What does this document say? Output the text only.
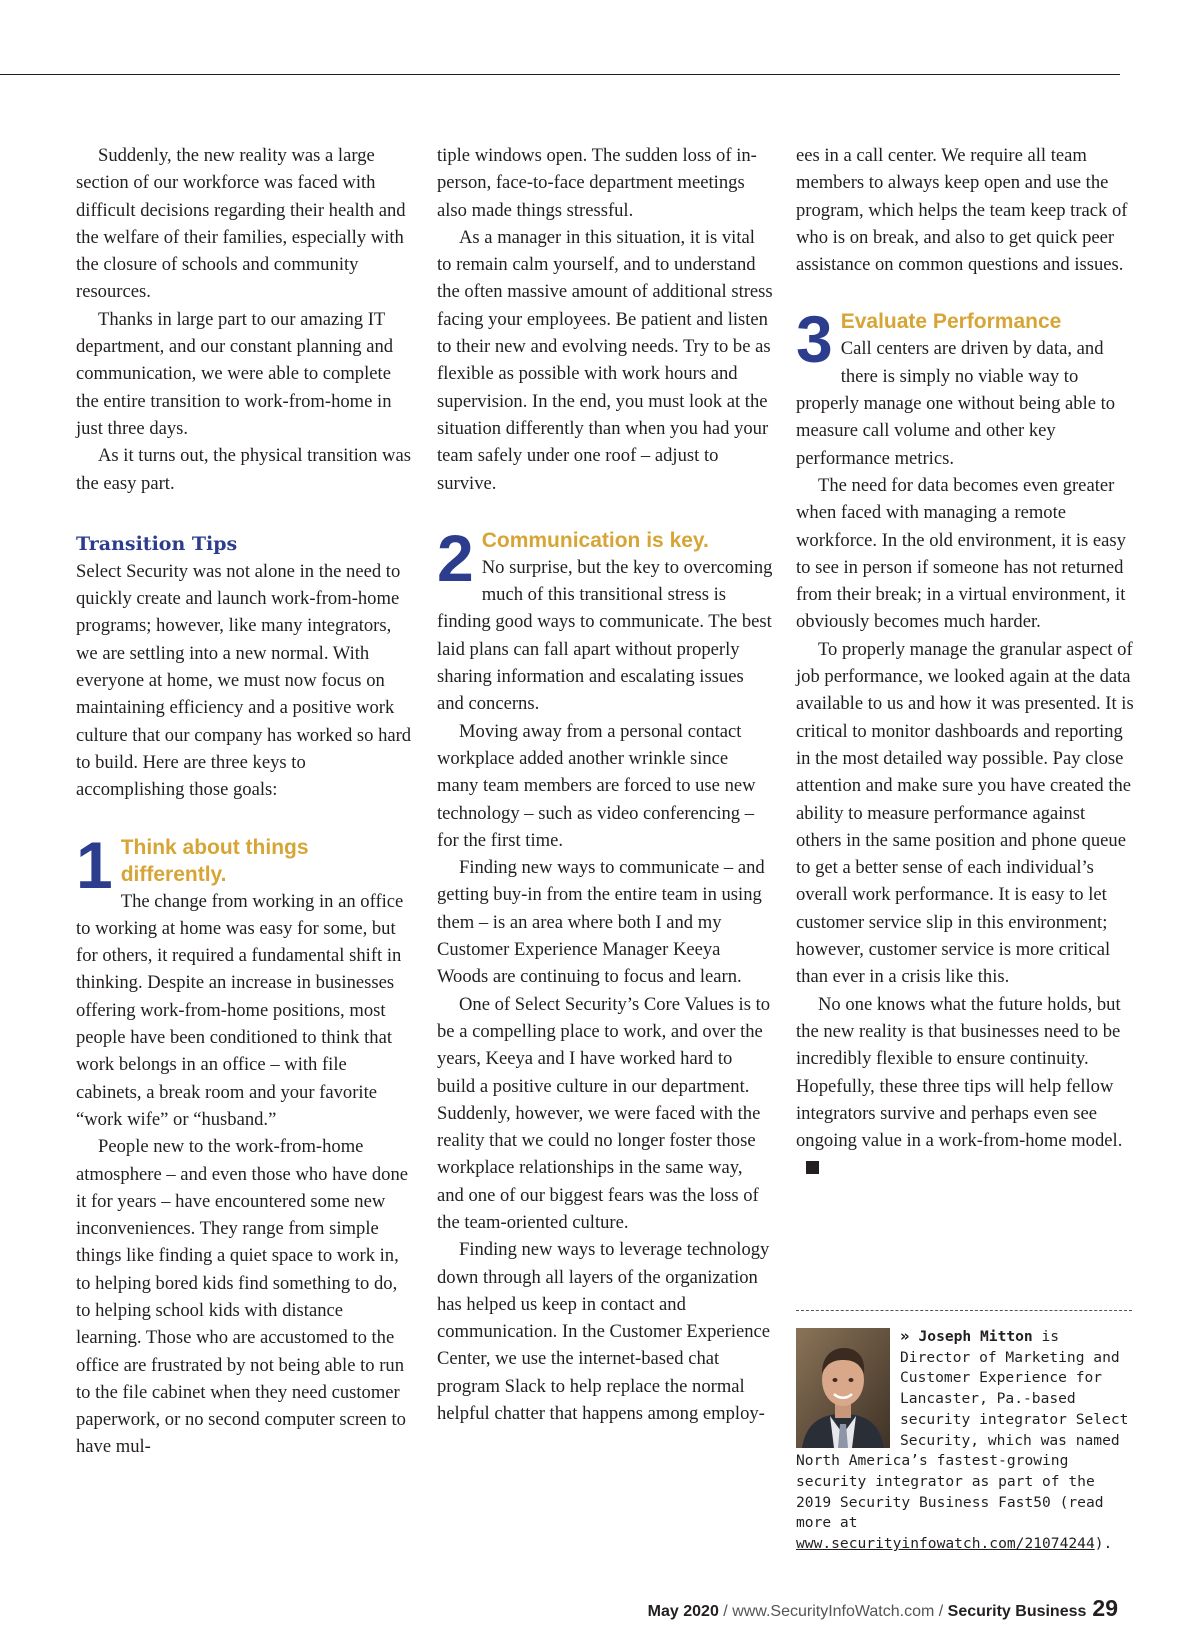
Suddenly, the new reality was a large section of our workforce was faced with difficult decisions regarding their health and the welfare of their families, especially with the closure of schools and community resources.

Thanks in large part to our amazing IT department, and our constant planning and communication, we were able to complete the entire transition to work-from-home in just three days.

As it turns out, the physical transition was the easy part.

Transition Tips

Select Security was not alone in the need to quickly create and launch work-from-home programs; however, like many integrators, we are settling into a new normal. With everyone at home, we must now focus on maintaining efficiency and a positive work culture that our company has worked so hard to build. Here are three keys to accomplishing those goals:

1 Think about things differently.

The change from working in an office to working at home was easy for some, but for others, it required a fundamental shift in thinking. Despite an increase in businesses offering work-from-home positions, most people have been conditioned to think that work belongs in an office – with file cabinets, a break room and your favorite “work wife” or “husband.”

People new to the work-from-home atmosphere – and even those who have done it for years – have encountered some new inconveniences. They range from simple things like finding a quiet space to work in, to helping bored kids find something to do, to helping school kids with distance learning. Those who are accustomed to the office are frustrated by not being able to run to the file cabinet when they need customer paperwork, or no second computer screen to have mul-

tiple windows open. The sudden loss of in-person, face-to-face department meetings also made things stressful.

As a manager in this situation, it is vital to remain calm yourself, and to understand the often massive amount of additional stress facing your employees. Be patient and listen to their new and evolving needs. Try to be as flexible as possible with work hours and supervision. In the end, you must look at the situation differently than when you had your team safely under one roof – adjust to survive.

2 Communication is key.

No surprise, but the key to overcoming much of this transitional stress is finding good ways to communicate. The best laid plans can fall apart without properly sharing information and escalating issues and concerns.

Moving away from a personal contact workplace added another wrinkle since many team members are forced to use new technology – such as video conferencing – for the first time.

Finding new ways to communicate – and getting buy-in from the entire team in using them – is an area where both I and my Customer Experience Manager Keeya Woods are continuing to focus and learn.

One of Select Security’s Core Values is to be a compelling place to work, and over the years, Keeya and I have worked hard to build a positive culture in our department. Suddenly, however, we were faced with the reality that we could no longer foster those workplace relationships in the same way, and one of our biggest fears was the loss of the team-oriented culture.

Finding new ways to leverage technology down through all layers of the organization has helped us keep in contact and communication. In the Customer Experience Center, we use the internet-based chat program Slack to help replace the normal helpful chatter that happens among employ-

ees in a call center. We require all team members to always keep open and use the program, which helps the team keep track of who is on break, and also to get quick peer assistance on common questions and issues.

3 Evaluate Performance

Call centers are driven by data, and there is simply no viable way to properly manage one without being able to measure call volume and other key performance metrics.

The need for data becomes even greater when faced with managing a remote workforce. In the old environment, it is easy to see in person if someone has not returned from their break; in a virtual environment, it obviously becomes much harder.

To properly manage the granular aspect of job performance, we looked again at the data available to us and how it was presented. It is critical to monitor dashboards and reporting in the most detailed way possible. Pay close attention and make sure you have created the ability to measure performance against others in the same position and phone queue to get a better sense of each individual’s overall work performance. It is easy to let customer service slip in this environment; however, customer service is more critical than ever in a crisis like this.

No one knows what the future holds, but the new reality is that businesses need to be incredibly flexible to ensure continuity. Hopefully, these three tips will help fellow integrators survive and perhaps even see ongoing value in a work-from-home model.

» Joseph Mitton is Director of Marketing and Customer Experience for Lancaster, Pa.-based security integrator Select Security, which was named North America’s fastest-growing security integrator as part of the 2019 Security Business Fast50 (read more at www.securityinfowatch.com/21074244).
May 2020 / www.SecurityInfoWatch.com / Security Business 29
